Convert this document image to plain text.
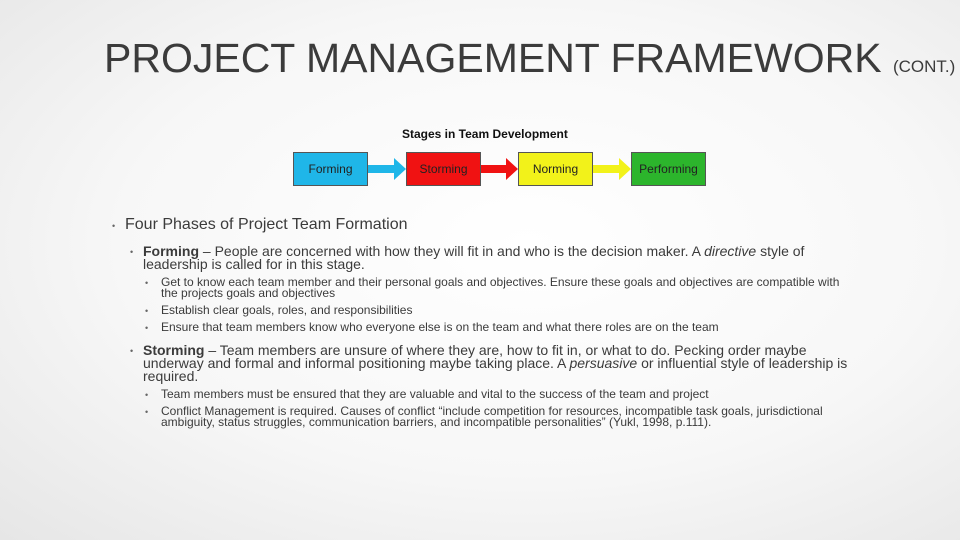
PROJECT MANAGEMENT FRAMEWORK (CONT.)
Stages in Team Development
Forming	Storming	Norming	Performing
• Four Phases of Project Team Formation
• Forming – People are concerned with how they will fit in and who is the decision maker. A directive style of leadership is called for in this stage.
• Get to know each team member and their personal goals and objectives. Ensure these goals and objectives are compatible with the projects goals and objectives
• Establish clear goals, roles, and responsibilities
• Ensure that team members know who everyone else is on the team and what there roles are on the team
• Storming – Team members are unsure of where they are, how to fit in, or what to do. Pecking order maybe underway and formal and informal positioning maybe taking place. A persuasive or influential style of leadership is required.
• Team members must be ensured that they are valuable and vital to the success of the team and project
• Conflict Management is required. Causes of conflict “include competition for resources, incompatible task goals, jurisdictional ambiguity, status struggles, communication barriers, and incompatible personalities” (Yukl, 1998, p.111).
